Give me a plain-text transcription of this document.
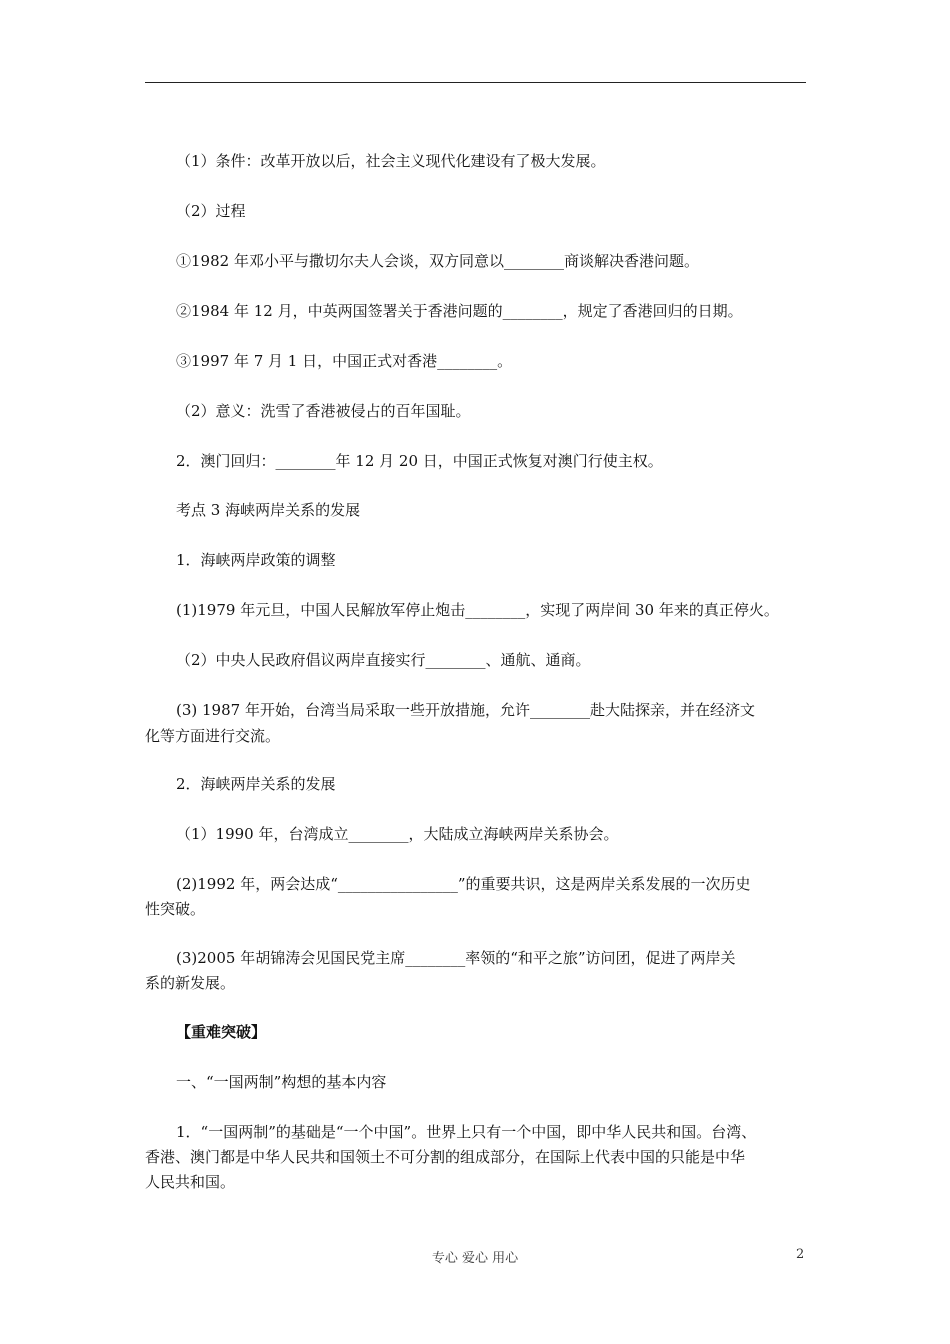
（1）条件：改革开放以后，社会主义现代化建设有了极大发展。
（2）过程
①1982 年邓小平与撒切尔夫人会谈，双方同意以________商谈解决香港问题。
②1984 年 12 月，中英两国签署关于香港问题的________，规定了香港回归的日期。
③1997 年 7 月 1 日，中国正式对香港________。
（2）意义：洗雪了香港被侵占的百年国耻。
2．澳门回归：________年 12 月 20 日，中国正式恢复对澳门行使主权。
考点 3 海峡两岸关系的发展
1．海峡两岸政策的调整
(1)1979 年元旦，中国人民解放军停止炮击________，实现了两岸间 30 年来的真正停火。
（2）中央人民政府倡议两岸直接实行________、通航、通商。
(3) 1987 年开始，台湾当局采取一些开放措施，允许________赴大陆探亲，并在经济文
化等方面进行交流。
2．海峡两岸关系的发展
（1）1990 年，台湾成立________，大陆成立海峡两岸关系协会。
(2)1992 年，两会达成“________________”的重要共识，这是两岸关系发展的一次历史
性突破。
(3)2005 年胡锦涛会见国民党主席________率领的“和平之旅”访问团，促进了两岸关
系的新发展。
【重难突破】
一、“一国两制”构想的基本内容
1．“一国两制”的基础是“一个中国”。世界上只有一个中国，即中华人民共和国。台湾、
香港、澳门都是中华人民共和国领土不可分割的组成部分，在国际上代表中国的只能是中华
人民共和国。
专心 爱心 用心	2
